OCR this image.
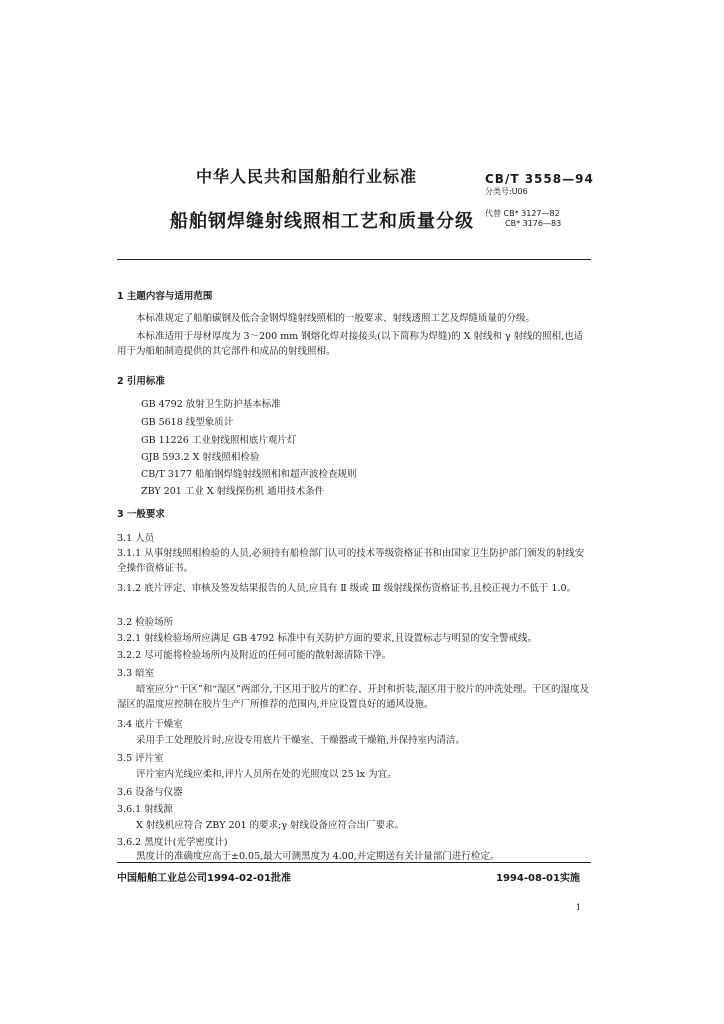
中华人民共和国船舶行业标准
船舶钢焊缝射线照相工艺和质量分级
CB/T 3558—94
分类号:U06
代替 CB* 3127—82
CB* 3176—83
1 主题内容与适用范围
本标准规定了船舶碳钢及低合金钢焊缝射线照相的一般要求、射线透照工艺及焊缝质量的分级。
本标准适用于母材厚度为 3～200 mm 钢熔化焊对接接头(以下简称为焊缝)的 X 射线和 γ 射线的照相,也适用于为船舶制造提供的其它部件和成品的射线照相。
2 引用标准
GB 4792 放射卫生防护基本标准
GB 5618 线型象质计
GB 11226 工业射线照相底片观片灯
GJB 593.2 X 射线照相检验
CB/T 3177 船舶钢焊缝射线照相和超声波检查规则
ZBY 201 工业 X 射线探伤机 通用技术条件
3 一般要求
3.1 人员
3.1.1 从事射线照相检验的人员,必须持有船检部门认可的技术等级资格证书和由国家卫生防护部门颁发的射线安全操作资格证书。
3.1.2 底片评定、审核及签发结果报告的人员,应具有 Ⅱ 级或 Ⅲ 级射线探伤资格证书,且校正视力不低于 1.0。
3.2 检验场所
3.2.1 射线检验场所应满足 GB 4792 标准中有关防护方面的要求,且设置标志与明显的安全警戒线。
3.2.2 尽可能将检验场所内及附近的任何可能的散射源清除干净。
3.3 暗室
暗室应分“干区”和“湿区”两部分,干区用于胶片的贮存、开封和折装,湿区用于胶片的冲洗处理。干区的湿度及湿区的温度应控制在胶片生产厂所推荐的范围内,并应设置良好的通风设施。
3.4 底片干燥室
采用手工处理胶片时,应设专用底片干燥室、干燥器或干燥箱,并保持室内清洁。
3.5 评片室
评片室内光线应柔和,评片人员所在处的光照度以 25 lx 为宜。
3.6 设备与仪器
3.6.1 射线源
X 射线机应符合 ZBY 201 的要求;γ 射线设备应符合出厂要求。
3.6.2 黑度计(光学密度计)
黑度计的准确度应高于±0.05,最大可测黑度为 4.00,并定期送有关计量部门进行检定。
中国船舶工业总公司1994-02-01批准	1994-08-01实施
1
